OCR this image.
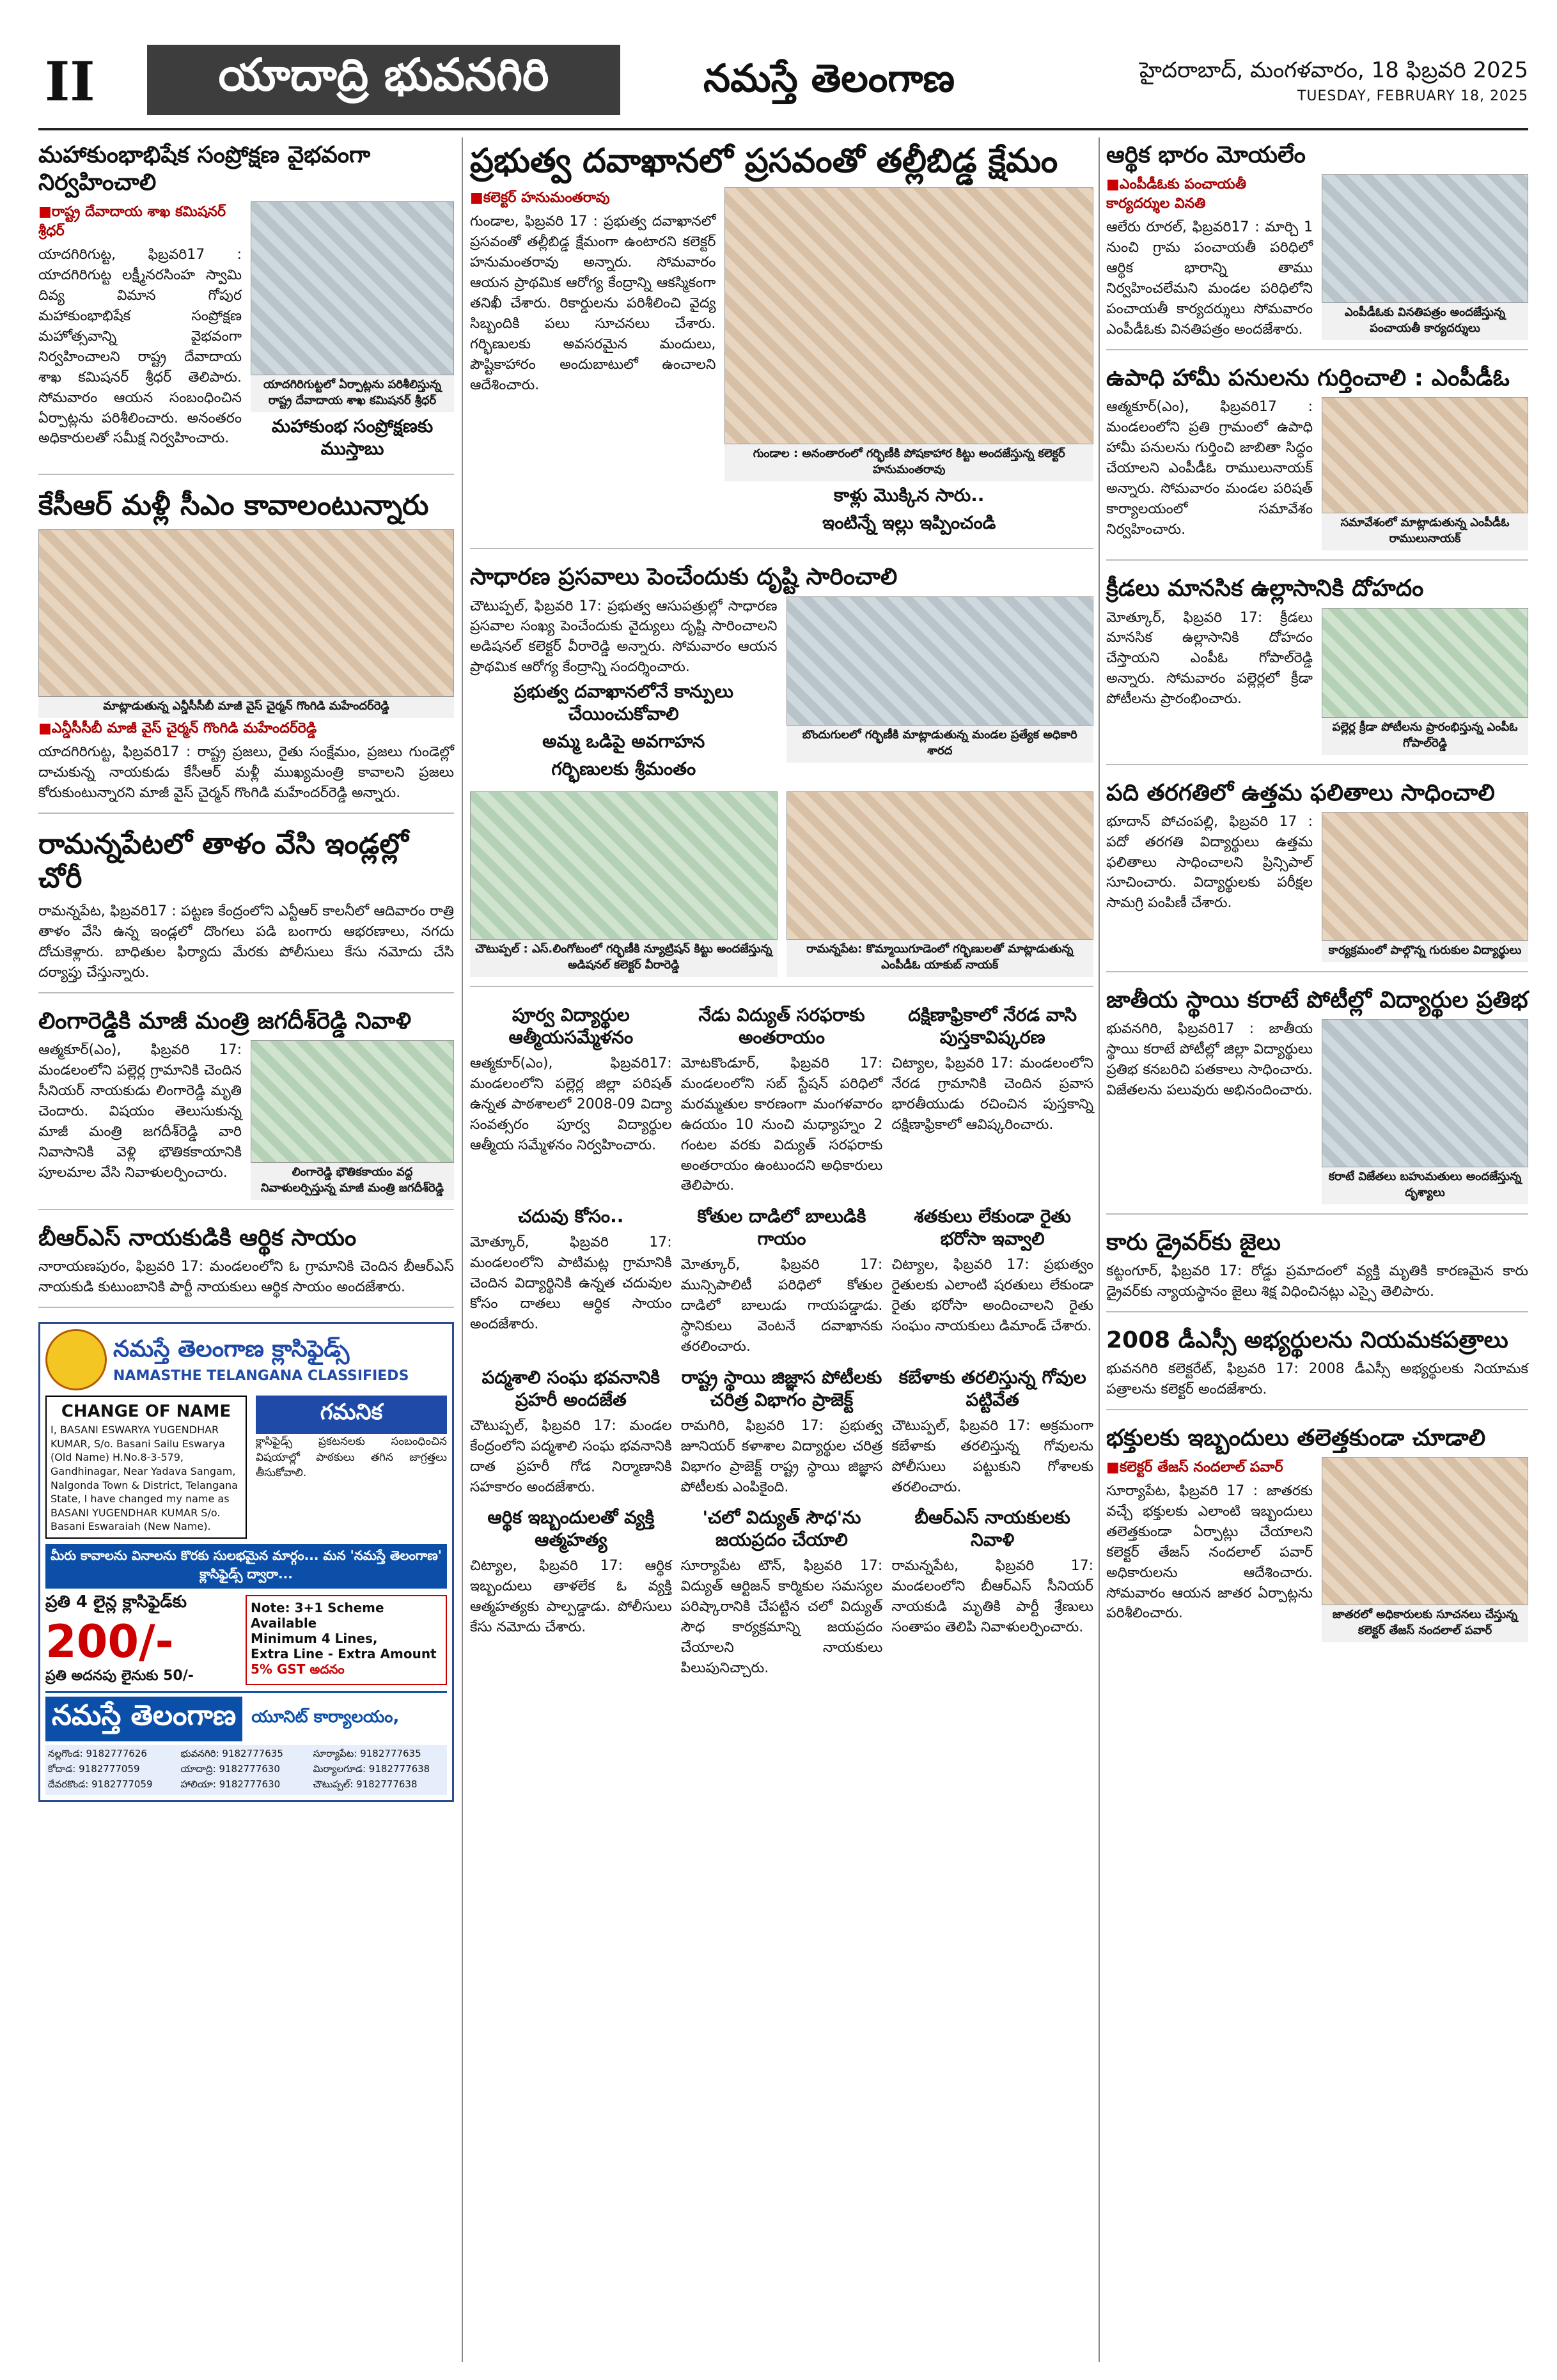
II	యాదాద్రి భువనగిరి	నమస్తే తెలంగాణ	హైదరాబాద్, మంగళవారం, 18 ఫిబ్రవరి 2025
TUESDAY, FEBRUARY 18, 2025
మహాకుంభాభిషేక సంప్రోక్షణ వైభవంగా నిర్వహించాలి
■ రాష్ట్ర దేవాదాయ శాఖ కమిషనర్ శ్రీధర్
యాదగిరిగుట్ట, ఫిబ్రవరి17 : యాదగిరిగుట్ట లక్ష్మీనరసింహ స్వామి దివ్య విమాన గోపుర మహాకుంభాభిషేక సంప్రోక్షణ మహోత్సవాన్ని వైభవంగా నిర్వహించాలని రాష్ట్ర దేవాదాయ శాఖ కమిషనర్ శ్రీధర్ తెలిపారు. సోమవారం ఆయన సంబంధించిన ఏర్పాట్లను పరిశీలించారు. అనంతరం అధికారులతో సమీక్ష నిర్వహించారు.
యాదగిరిగుట్టలో ఏర్పాట్లను పరిశీలిస్తున్న రాష్ట్ర దేవాదాయ శాఖ కమిషనర్ శ్రీధర్
మహాకుంభ సంప్రోక్షణకు ముస్తాబు
కేసీఆర్ మళ్లీ సీఎం కావాలంటున్నారు
మాట్లాడుతున్న ఎన్డీసీసీబీ మాజీ వైస్ చైర్మన్ గొంగిడి మహేందర్‌రెడ్డి
■ ఎన్డీసీసీబీ మాజీ వైస్ చైర్మన్ గొంగిడి మహేందర్‌రెడ్డి
యాదగిరిగుట్ట, ఫిబ్రవరి17 : రాష్ట్ర ప్రజలు, రైతు సంక్షేమం, ప్రజలు గుండెల్లో దాచుకున్న నాయకుడు కేసీఆర్ మళ్లీ ముఖ్యమంత్రి కావాలని ప్రజలు కోరుకుంటున్నారని మాజీ వైస్ చైర్మన్ గొంగిడి మహేందర్‌రెడ్డి అన్నారు.
రామన్నపేటలో తాళం వేసి ఇండ్లల్లో చోరీ
రామన్నపేట, ఫిబ్రవరి17 : పట్టణ కేంద్రంలోని ఎన్టీఆర్ కాలనీలో ఆదివారం రాత్రి తాళం వేసి ఉన్న ఇండ్లలో దొంగలు పడి బంగారు ఆభరణాలు, నగదు దోచుకెళ్లారు. బాధితుల ఫిర్యాదు మేరకు పోలీసులు కేసు నమోదు చేసి దర్యాప్తు చేస్తున్నారు.
లింగారెడ్డికి మాజీ మంత్రి జగదీశ్‌రెడ్డి నివాళి
ఆత్మకూర్(ఎం), ఫిబ్రవరి 17: మండలంలోని పల్లెర్ల గ్రామానికి చెందిన సీనియర్ నాయకుడు లింగారెడ్డి మృతి చెందారు. విషయం తెలుసుకున్న మాజీ మంత్రి జగదీశ్‌రెడ్డి వారి నివాసానికి వెళ్లి భౌతికకాయానికి పూలమాల వేసి నివాళులర్పించారు.	లింగారెడ్డి భౌతికకాయం వద్ద నివాళులర్పిస్తున్న మాజీ మంత్రి జగదీశ్‌రెడ్డి
బీఆర్ఎస్ నాయకుడికి ఆర్థిక సాయం
నారాయణపురం, ఫిబ్రవరి 17: మండలంలోని ఓ గ్రామానికి చెందిన బీఆర్ఎస్ నాయకుడి కుటుంబానికి పార్టీ నాయకులు ఆర్థిక సాయం అందజేశారు.
నమస్తే తెలంగాణ క్లాసిఫైడ్స్
NAMASTHE TELANGANA CLASSIFIEDS
CHANGE OF NAME
I, BASANI ESWARYA YUGENDHAR KUMAR, S/o. Basani Sailu Eswarya (Old Name) H.No.8-3-579, Gandhinagar, Near Yadava Sangam, Nalgonda Town & District, Telangana State, I have changed my name as BASANI YUGENDHAR KUMAR S/o. Basani Eswaraiah (New Name).
గమనిక
క్లాసిఫైడ్స్ ప్రకటనలకు సంబంధించిన విషయాల్లో పాఠకులు తగిన జాగ్రత్తలు తీసుకోవాలి.
మీరు కావాలను వినాలను కొరకు సులభమైన మార్గం... మన 'నమస్తే తెలంగాణ' క్లాసిఫైడ్స్ ద్వారా...
ప్రతి 4 లైన్ల క్లాసిఫైడ్‌కు
200/-
ప్రతి అదనపు లైనుకు 50/-
Note: 3+1 Scheme Available
Minimum 4 Lines,
Extra Line - Extra Amount
5% GST అదనం
నమస్తే తెలంగాణ యూనిట్ కార్యాలయం,
నల్లగొండ: 9182777626	భువనగిరి: 9182777635	సూర్యాపేట: 9182777635
కోదాడ: 9182777059	యాదాద్రి: 9182777630	మిర్యాలగూడ: 9182777638
దేవరకొండ: 9182777059	హాలియా: 9182777630	చౌటుప్పల్: 9182777638
ప్రభుత్వ దవాఖానలో ప్రసవంతో తల్లీబిడ్డ క్షేమం
■ కలెక్టర్ హనుమంతరావు
గుండాల, ఫిబ్రవరి 17 : ప్రభుత్వ దవాఖానలో ప్రసవంతో తల్లీబిడ్డ క్షేమంగా ఉంటారని కలెక్టర్ హనుమంతరావు అన్నారు. సోమవారం ఆయన ప్రాథమిక ఆరోగ్య కేంద్రాన్ని ఆకస్మికంగా తనిఖీ చేశారు. రికార్డులను పరిశీలించి వైద్య సిబ్బందికి పలు సూచనలు చేశారు. గర్భిణులకు అవసరమైన మందులు, పౌష్టికాహారం అందుబాటులో ఉంచాలని ఆదేశించారు.
గుండాల : అనంతారంలో గర్భిణీకి పోషకాహార కిట్టు అందజేస్తున్న కలెక్టర్ హనుమంతరావు
కాళ్లు మొక్కిన సారు..
ఇంటిన్నే ఇల్లు ఇప్పించండి
సాధారణ ప్రసవాలు పెంచేందుకు దృష్టి సారించాలి
చౌటుప్పల్, ఫిబ్రవరి 17: ప్రభుత్వ ఆసుపత్రుల్లో సాధారణ ప్రసవాల సంఖ్య పెంచేందుకు వైద్యులు దృష్టి సారించాలని అడిషనల్ కలెక్టర్ వీరారెడ్డి అన్నారు. సోమవారం ఆయన ప్రాథమిక ఆరోగ్య కేంద్రాన్ని సందర్శించారు.
ప్రభుత్వ దవాఖానలోనే కాన్పులు చేయించుకోవాలి
అమ్మ ఒడిపై అవగాహన
గర్భిణులకు శ్రీమంతం
బొందుగులలో గర్భిణీకి మాట్లాడుతున్న మండల ప్రత్యేక అధికారి శారద
చౌటుప్పల్ : ఎస్.లింగోటంలో గర్భిణీకి న్యూట్రిషన్ కిట్టు అందజేస్తున్న అడిషనల్ కలెక్టర్ వీరారెడ్డి
రామన్నపేట: కొమ్మాయిగూడెంలో గర్భిణులతో మాట్లాడుతున్న ఎంపీడీఓ యాకుబ్ నాయక్
పూర్వ విద్యార్థుల ఆత్మీయసమ్మేళనం
ఆత్మకూర్(ఎం), ఫిబ్రవరి17: మండలంలోని పల్లెర్ల జిల్లా పరిషత్ ఉన్నత పాఠశాలలో 2008-09 విద్యా సంవత్సరం పూర్వ విద్యార్థుల ఆత్మీయ సమ్మేళనం నిర్వహించారు.
నేడు విద్యుత్ సరఫరాకు అంతరాయం
మోటకొండూర్, ఫిబ్రవరి 17: మండలంలోని సబ్ స్టేషన్ పరిధిలో మరమ్మతుల కారణంగా మంగళవారం ఉదయం 10 నుంచి మధ్యాహ్నం 2 గంటల వరకు విద్యుత్ సరఫరాకు అంతరాయం ఉంటుందని అధికారులు తెలిపారు.
దక్షిణాఫ్రికాలో నేరడ వాసి పుస్తకావిష్కరణ
చిట్యాల, ఫిబ్రవరి 17: మండలంలోని నేరడ గ్రామానికి చెందిన ప్రవాస భారతీయుడు రచించిన పుస్తకాన్ని దక్షిణాఫ్రికాలో ఆవిష్కరించారు.
చదువు కోసం..
మోత్కూర్, ఫిబ్రవరి 17: మండలంలోని పాటిమట్ల గ్రామానికి చెందిన విద్యార్థినికి ఉన్నత చదువుల కోసం దాతలు ఆర్థిక సాయం అందజేశారు.
కోతుల దాడిలో బాలుడికి గాయం
మోత్కూర్, ఫిబ్రవరి 17: మున్సిపాలిటీ పరిధిలో కోతుల దాడిలో బాలుడు గాయపడ్డాడు. స్థానికులు వెంటనే దవాఖానకు తరలించారు.
శతకులు లేకుండా రైతు భరోసా ఇవ్వాలి
చిట్యాల, ఫిబ్రవరి 17: ప్రభుత్వం రైతులకు ఎలాంటి షరతులు లేకుండా రైతు భరోసా అందించాలని రైతు సంఘం నాయకులు డిమాండ్ చేశారు.
పద్మశాలి సంఘ భవనానికి ప్రహరీ అందజేత
చౌటుప్పల్, ఫిబ్రవరి 17: మండల కేంద్రంలోని పద్మశాలి సంఘ భవనానికి దాత ప్రహరీ గోడ నిర్మాణానికి సహకారం అందజేశారు.
రాష్ట్ర స్థాయి జిజ్ఞాస పోటీలకు చరిత్ర విభాగం ప్రాజెక్ట్
రామగిరి, ఫిబ్రవరి 17: ప్రభుత్వ జూనియర్ కళాశాల విద్యార్థుల చరిత్ర విభాగం ప్రాజెక్ట్ రాష్ట్ర స్థాయి జిజ్ఞాస పోటీలకు ఎంపికైంది.
కబేళాకు తరలిస్తున్న గోవుల పట్టివేత
చౌటుప్పల్, ఫిబ్రవరి 17: అక్రమంగా కబేళాకు తరలిస్తున్న గోవులను పోలీసులు పట్టుకుని గోశాలకు తరలించారు.
ఆర్థిక ఇబ్బందులతో వ్యక్తి ఆత్మహత్య
చిట్యాల, ఫిబ్రవరి 17: ఆర్థిక ఇబ్బందులు తాళలేక ఓ వ్యక్తి ఆత్మహత్యకు పాల్పడ్డాడు. పోలీసులు కేసు నమోదు చేశారు.
'చలో విద్యుత్ సౌధ'ను జయప్రదం చేయాలి
సూర్యాపేట టౌన్, ఫిబ్రవరి 17: విద్యుత్ ఆర్టిజన్ కార్మికుల సమస్యల పరిష్కారానికి చేపట్టిన చలో విద్యుత్ సౌధ కార్యక్రమాన్ని జయప్రదం చేయాలని నాయకులు పిలుపునిచ్చారు.
బీఆర్ఎస్ నాయకులకు నివాళి
రామన్నపేట, ఫిబ్రవరి 17: మండలంలోని బీఆర్ఎస్ సీనియర్ నాయకుడి మృతికి పార్టీ శ్రేణులు సంతాపం తెలిపి నివాళులర్పించారు.
ఆర్థిక భారం మోయలేం
■ ఎంపీడీఓకు పంచాయతీ కార్యదర్శుల వినతి
ఆలేరు రూరల్, ఫిబ్రవరి17 : మార్చి 1 నుంచి గ్రామ పంచాయతీ పరిధిలో ఆర్థిక భారాన్ని తాము నిర్వహించలేమని మండల పరిధిలోని పంచాయతీ కార్యదర్శులు సోమవారం ఎంపీడీఓకు వినతిపత్రం అందజేశారు.
ఎంపీడీఓకు వినతిపత్రం అందజేస్తున్న పంచాయతీ కార్యదర్శులు
ఉపాధి హామీ పనులను గుర్తించాలి : ఎంపీడీఓ
ఆత్మకూర్(ఎం), ఫిబ్రవరి17 : మండలంలోని ప్రతి గ్రామంలో ఉపాధి హామీ పనులను గుర్తించి జాబితా సిద్ధం చేయాలని ఎంపీడీఓ రాములునాయక్ అన్నారు. సోమవారం మండల పరిషత్ కార్యాలయంలో సమావేశం నిర్వహించారు.	సమావేశంలో మాట్లాడుతున్న ఎంపీడీఓ రాములునాయక్
క్రీడలు మానసిక ఉల్లాసానికి దోహదం
మోత్కూర్, ఫిబ్రవరి 17: క్రీడలు మానసిక ఉల్లాసానికి దోహదం చేస్తాయని ఎంపీఓ గోపాల్‌రెడ్డి అన్నారు. సోమవారం పల్లెర్లలో క్రీడా పోటీలను ప్రారంభించారు.
పల్లెర్ల క్రీడా పోటీలను ప్రారంభిస్తున్న ఎంపీఓ గోపాల్‌రెడ్డి
పది తరగతిలో ఉత్తమ ఫలితాలు సాధించాలి
భూదాన్ పోచంపల్లి, ఫిబ్రవరి 17 : పదో తరగతి విద్యార్థులు ఉత్తమ ఫలితాలు సాధించాలని ప్రిన్సిపాల్ సూచించారు. విద్యార్థులకు పరీక్షల సామగ్రి పంపిణీ చేశారు.
కార్యక్రమంలో పాల్గొన్న గురుకుల విద్యార్థులు
జాతీయ స్థాయి కరాటే పోటీల్లో విద్యార్థుల ప్రతిభ
భువనగిరి, ఫిబ్రవరి17 : జాతీయ స్థాయి కరాటే పోటీల్లో జిల్లా విద్యార్థులు ప్రతిభ కనబరిచి పతకాలు సాధించారు. విజేతలను పలువురు అభినందించారు.
కరాటే విజేతలు బహుమతులు అందజేస్తున్న దృశ్యాలు
కారు డ్రైవర్‌కు జైలు
కట్టంగూర్, ఫిబ్రవరి 17: రోడ్డు ప్రమాదంలో వ్యక్తి మృతికి కారణమైన కారు డ్రైవర్‌కు న్యాయస్థానం జైలు శిక్ష విధించినట్లు ఎస్సై తెలిపారు.
2008 డీఎస్సీ అభ్యర్థులను నియమకపత్రాలు
భువనగిరి కలెక్టరేట్, ఫిబ్రవరి 17: 2008 డీఎస్సీ అభ్యర్థులకు నియామక పత్రాలను కలెక్టర్ అందజేశారు.
భక్తులకు ఇబ్బందులు తలెత్తకుండా చూడాలి
■ కలెక్టర్ తేజస్ నందలాల్ పవార్
సూర్యాపేట, ఫిబ్రవరి 17 : జాతరకు వచ్చే భక్తులకు ఎలాంటి ఇబ్బందులు తలెత్తకుండా ఏర్పాట్లు చేయాలని కలెక్టర్ తేజస్ నందలాల్ పవార్ అధికారులను ఆదేశించారు. సోమవారం ఆయన జాతర ఏర్పాట్లను పరిశీలించారు.	జాతరలో అధికారులకు సూచనలు చేస్తున్న కలెక్టర్ తేజస్ నందలాల్ పవార్
